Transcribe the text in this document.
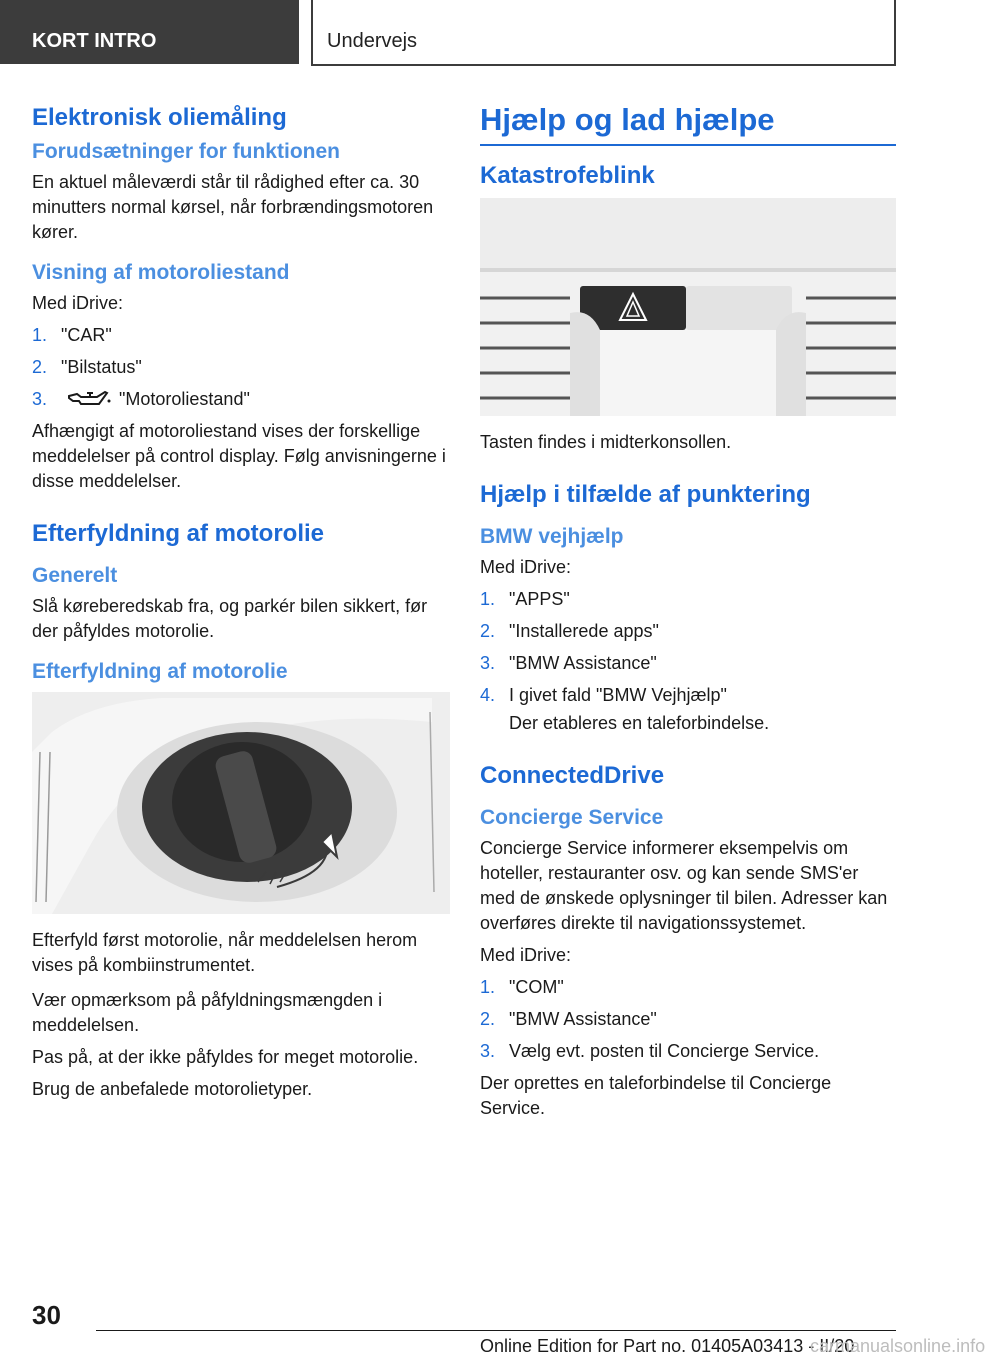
KORT INTRO	Undervejs
Elektronisk oliemåling
Forudsætninger for funktionen

En aktuel måleværdi står til rådighed efter ca. 30 minutters normal kørsel, når forbrændingsmotoren kører.

Visning af motoroliestand

Med iDrive:

1. "CAR"
2. "Bilstatus"
3.	"Motoroliestand"

Afhængigt af motoroliestand vises der forskellige meddelelser på control display. Følg anvisningerne i disse meddelelser.

Efterfyldning af motorolie
Generelt

Slå køreberedskab fra, og parkér bilen sikkert, før der påfyldes motorolie.

Efterfyldning af motorolie

Efterfyld først motorolie, når meddelelsen herom vises på kombiinstrumentet.

Vær opmærksom på påfyldningsmængden i meddelelsen.

Pas på, at der ikke påfyldes for meget motorolie.

Brug de anbefalede motorolietyper.

Hjælp og lad hjælpe
Katastrofeblink

Tasten findes i midterkonsollen.

Hjælp i tilfælde af punktering
BMW vejhjælp

Med iDrive:

1. "APPS"
2. "Installerede apps"
3. "BMW Assistance"
4. I givet fald "BMW Vejhjælp"
Der etableres en taleforbindelse.
ConnectedDrive
Concierge Service

Concierge Service informerer eksempelvis om hoteller, restauranter osv. og kan sende SMS'er med de ønskede oplysninger til bilen. Adresser kan overføres direkte til navigationssystemet.

Med iDrive:

1. "COM"
2. "BMW Assistance"
3. Vælg evt. posten til Concierge Service.

Der oprettes en taleforbindelse til Concierge Service.

30
Online Edition for Part no. 01405A03413 - II/20
carmanualsonline.info
